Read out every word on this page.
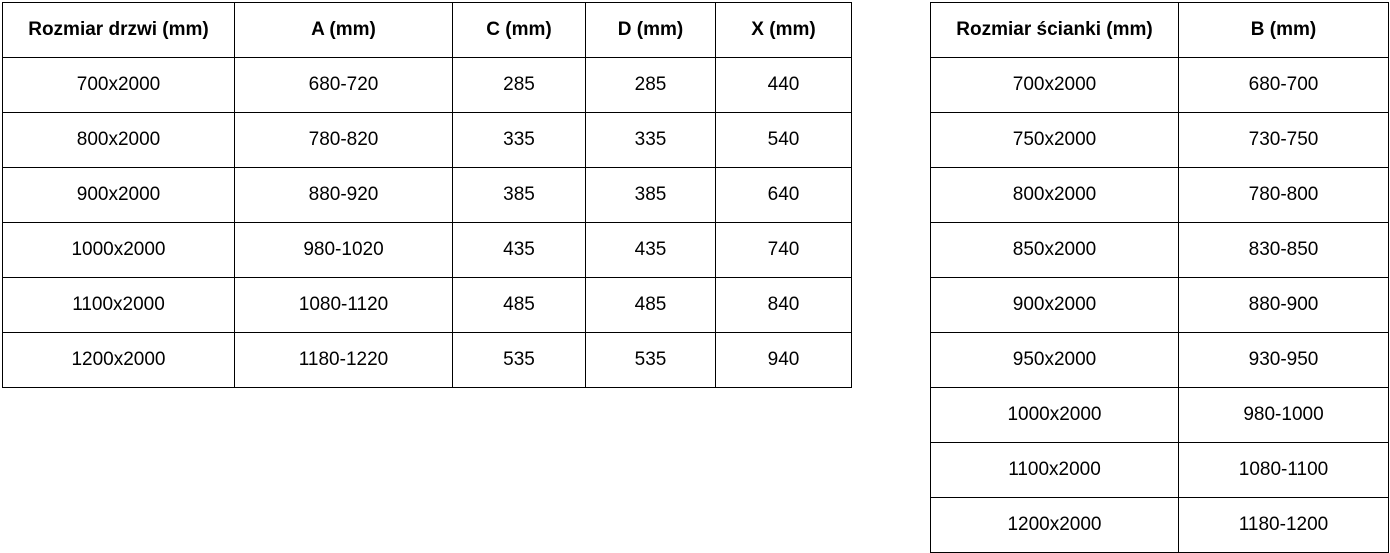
Rozmiar drzwi (mm)	A (mm)	C (mm)	D (mm)	X (mm)
700x2000	680-720	285	285	440
800x2000	780-820	335	335	540
900x2000	880-920	385	385	640
1000x2000	980-1020	435	435	740
1100x2000	1080-1120	485	485	840
1200x2000	1180-1220	535	535	940
Rozmiar ścianki (mm)	B (mm)
700x2000	680-700
750x2000	730-750
800x2000	780-800
850x2000	830-850
900x2000	880-900
950x2000	930-950
1000x2000	980-1000
1100x2000	1080-1100
1200x2000	1180-1200
